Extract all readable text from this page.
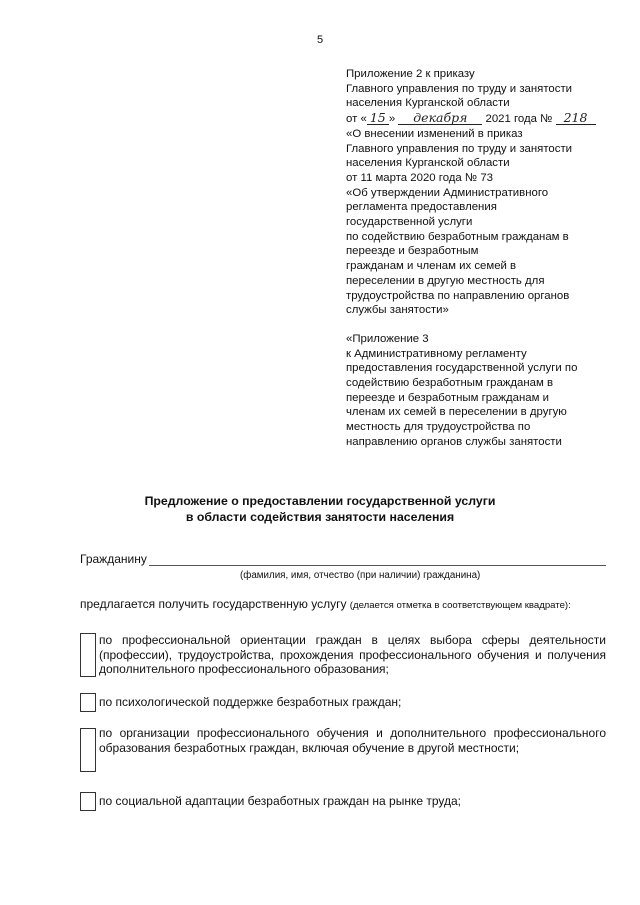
5
Приложение 2 к приказу
Главного управления по труду и занятости
населения Курганской области
от « 15 » декабря 2021 года № 218
«О внесении изменений в приказ
Главного управления по труду и занятости
населения Курганской области
от 11 марта 2020 года № 73
«Об утверждении Административного
регламента предоставления
государственной услуги
по содействию безработным гражданам в
переезде и безработным
гражданам и членам их семей в
переселении в другую местность для
трудоустройства по направлению органов
службы занятости»
«Приложение 3
к Административному регламенту
предоставления государственной услуги по
содействию безработным гражданам в
переезде и безработным гражданам и
членам их семей в переселении в другую
местность для трудоустройства по
направлению органов службы занятости
Предложение о предоставлении государственной услуги
в области содействия занятости населения
Гражданину
(фамилия, имя, отчество (при наличии) гражданина)
предлагается получить государственную услугу (делается отметка в соответствующем квадрате):
по профессиональной ориентации граждан в целях выбора сферы деятельности (профессии), трудоустройства, прохождения профессионального обучения и получения дополнительного профессионального образования;
по психологической поддержке безработных граждан;
по организации профессионального обучения и дополнительного профессионального образования безработных граждан, включая обучение в другой местности;
по социальной адаптации безработных граждан на рынке труда;
